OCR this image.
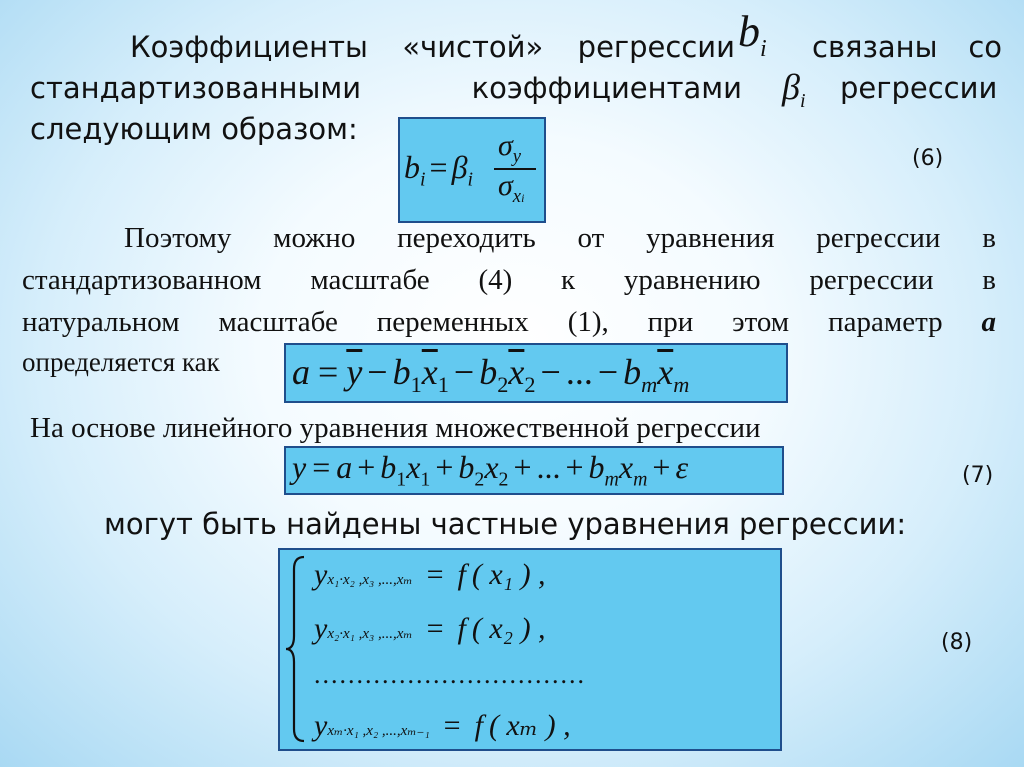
Коэффициенты «чистой» регрессии $b_i$ связаны со
стандартизованными	коэффициентами $\beta_i$ регрессии
следующим образом:
$b_i = \beta_i$
$\sigma_y$
$\sigma_{xi}$
(6)
Поэтому можно переходить от уравнения регрессии в
стандартизованном масштабе (4) к уравнению регрессии в
натуральном масштабе переменных (1), при этом параметр a
определяется как $a = \overline{y} - b_1\overline{x}_1 - b_2\overline{x}_2$ − ... − $b_m\overline{x}_m$
На основе линейного уравнения множественной регрессии
$y = a + b_1x_1 + b_2x_2$ + ... + $b_mx_m + \varepsilon$	(7)
могут быть найдены частные уравнения регрессии:
yx₁·x₂ ,x₃ ,...,xₘ = f ( x₁ ) ,
yx₂·x₁ ,x₃ ,...,xₘ = f ( x₂ ) ,
................................
yxₘ·x₁ ,x₂ ,...,xₘ₋₁ = f ( xₘ ) ,
(8)
